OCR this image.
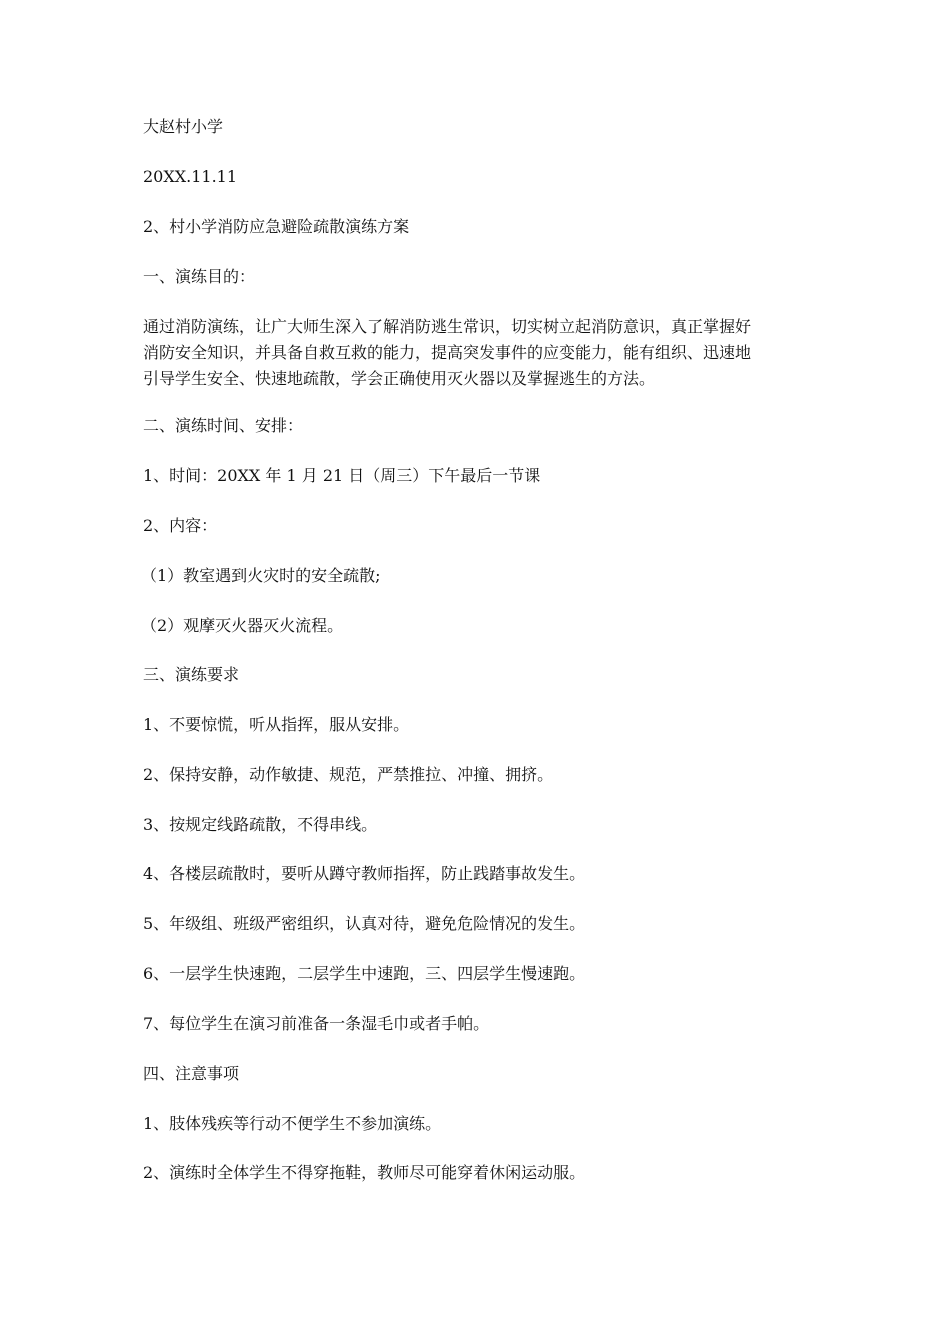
大赵村小学
20XX.11.11
2、村小学消防应急避险疏散演练方案
一、演练目的：
通过消防演练，让广大师生深入了解消防逃生常识，切实树立起消防意识，真正掌握好
消防安全知识，并具备自救互救的能力，提高突发事件的应变能力，能有组织、迅速地
引导学生安全、快速地疏散，学会正确使用灭火器以及掌握逃生的方法。
二、演练时间、安排：
1、时间：20XX 年 1 月 21 日（周三）下午最后一节课
2、内容：
（1）教室遇到火灾时的安全疏散;
（2）观摩灭火器灭火流程。
三、演练要求
1、不要惊慌，听从指挥，服从安排。
2、保持安静，动作敏捷、规范，严禁推拉、冲撞、拥挤。
3、按规定线路疏散，不得串线。
4、各楼层疏散时，要听从蹲守教师指挥，防止践踏事故发生。
5、年级组、班级严密组织，认真对待，避免危险情况的发生。
6、一层学生快速跑，二层学生中速跑，三、四层学生慢速跑。
7、每位学生在演习前准备一条湿毛巾或者手帕。
四、注意事项
1、肢体残疾等行动不便学生不参加演练。
2、演练时全体学生不得穿拖鞋，教师尽可能穿着休闲运动服。
